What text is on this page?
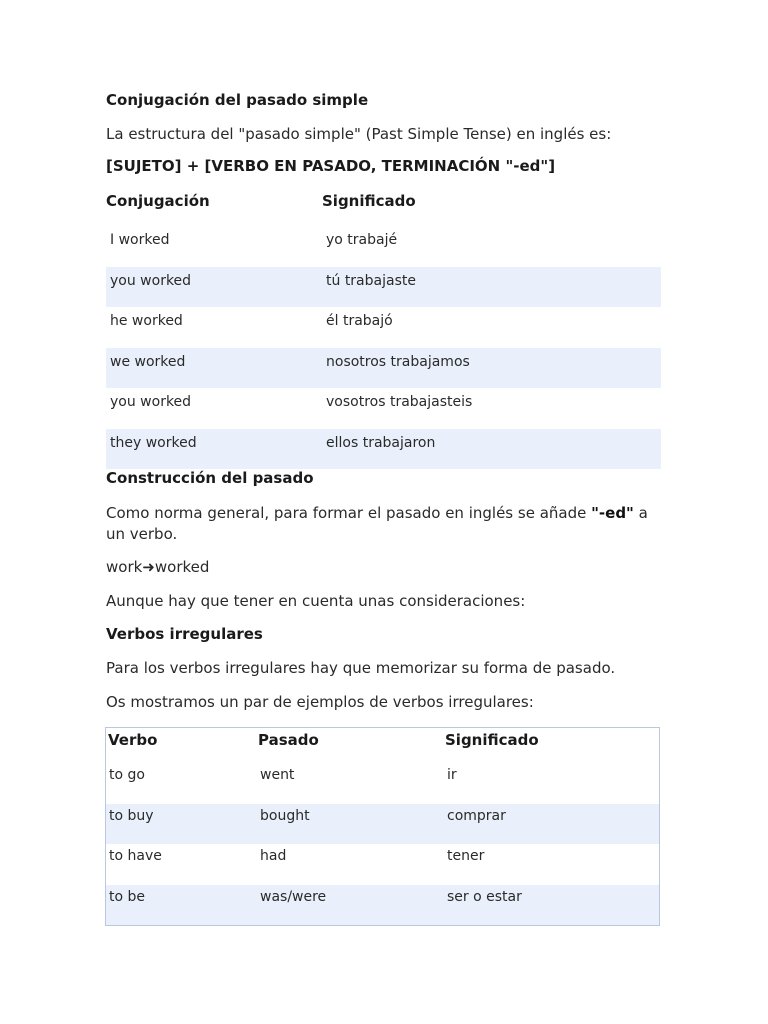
Conjugación del pasado simple
La estructura del "pasado simple" (Past Simple Tense) en inglés es:
[SUJETO] + [VERBO EN PASADO, TERMINACIÓN "-ed"]
Conjugación	Significado
I worked	yo trabajé
you worked	tú trabajaste
he worked	él trabajó
we worked	nosotros trabajamos
you worked	vosotros trabajasteis
they worked	ellos trabajaron
Construcción del pasado
Como norma general, para formar el pasado en inglés se añade "-ed" a un verbo.
work➜worked
Aunque hay que tener en cuenta unas consideraciones:
Verbos irregulares
Para los verbos irregulares hay que memorizar su forma de pasado.
Os mostramos un par de ejemplos de verbos irregulares:
Verbo	Pasado	Significado
to go	went	ir
to buy	bought	comprar
to have	had	tener
to be	was/were	ser o estar
